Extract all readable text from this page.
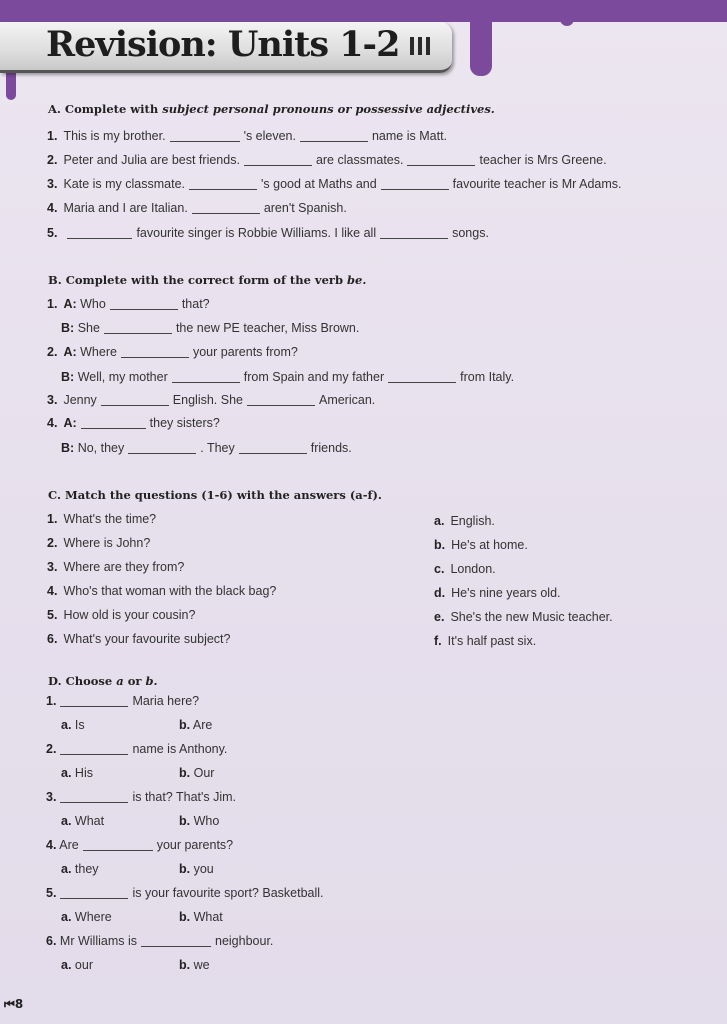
Revision: Units 1-2
A. Complete with subject personal pronouns or possessive adjectives.
1. This is my brother.	's eleven.	name is Matt.
2. Peter and Julia are best friends.	are classmates.	teacher is Mrs Greene.
3. Kate is my classmate.	's good at Maths and	favourite teacher is Mr Adams.
4. Maria and I are Italian.	aren't Spanish.
5.	favourite singer is Robbie Williams. I like all	songs.
B. Complete with the correct form of the verb be.
1. A: Who	that?
B: She	the new PE teacher, Miss Brown.
2. A: Where	your parents from?
B: Well, my mother	from Spain and my father	from Italy.
3. Jenny	English. She	American.
4. A:	they sisters?
B: No, they	. They	friends.
C. Match the questions (1-6) with the answers (a-f).
1. What's the time?
2. Where is John?
3. Where are they from?
4. Who's that woman with the black bag?
5. How old is your cousin?
6. What's your favourite subject?
a. English.
b. He's at home.
c. London.
d. He's nine years old.
e. She's the new Music teacher.
f. It's half past six.
D. Choose a or b.
1.	Maria here?
a. Is	b. Are
2.	name is Anthony.
a. His	b. Our
3.	is that? That's Jim.
a. What	b. Who
4. Are	your parents?
a. they	b. you
5.	is your favourite sport? Basketball.
a. Where	b. What
6. Mr Williams is	neighbour.
a. our	b. we
⏮8
